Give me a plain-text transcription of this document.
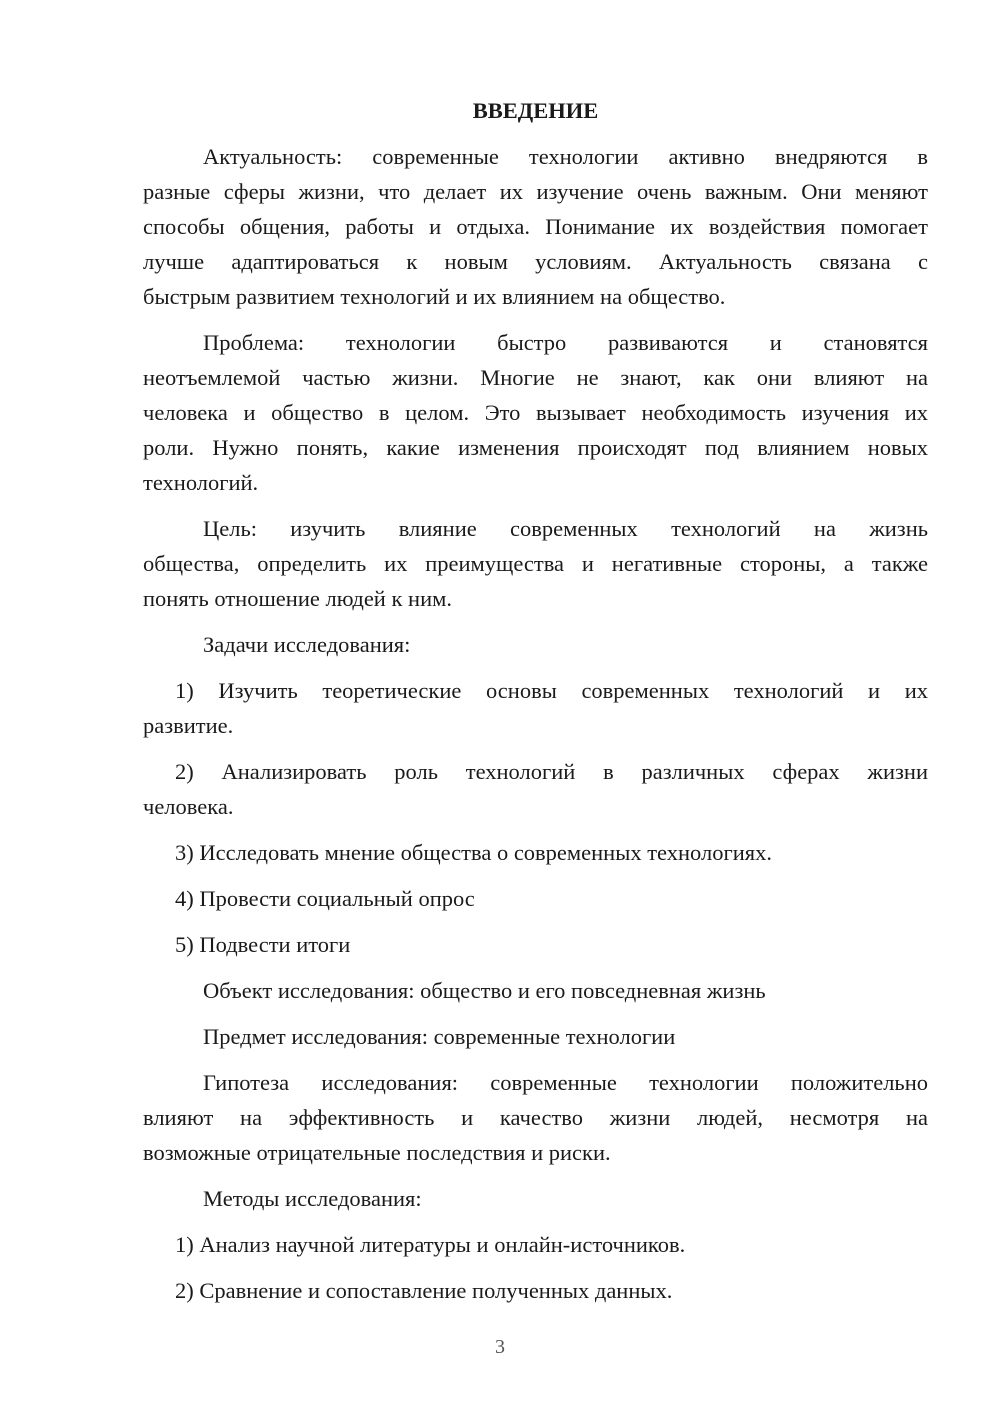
ВВЕДЕНИЕ
Актуальность: современные технологии активно внедряются в
разные сферы жизни, что делает их изучение очень важным. Они меняют
способы общения, работы и отдыха. Понимание их воздействия помогает
лучше адаптироваться к новым условиям. Актуальность связана с
быстрым развитием технологий и их влиянием на общество.
Проблема: технологии быстро развиваются и становятся
неотъемлемой частью жизни. Многие не знают, как они влияют на
человека и общество в целом. Это вызывает необходимость изучения их
роли. Нужно понять, какие изменения происходят под влиянием новых
технологий.
Цель: изучить влияние современных технологий на жизнь
общества, определить их преимущества и негативные стороны, а также
понять отношение людей к ним.
Задачи исследования:
1) Изучить теоретические основы современных технологий и их
развитие.
2) Анализировать роль технологий в различных сферах жизни
человека.
3) Исследовать мнение общества о современных технологиях.
4) Провести социальный опрос
5) Подвести итоги
Объект исследования: общество и его повседневная жизнь
Предмет исследования: современные технологии
Гипотеза исследования: современные технологии положительно
влияют на эффективность и качество жизни людей, несмотря на
возможные отрицательные последствия и риски.
Методы исследования:
1) Анализ научной литературы и онлайн-источников.
2) Сравнение и сопоставление полученных данных.
3
